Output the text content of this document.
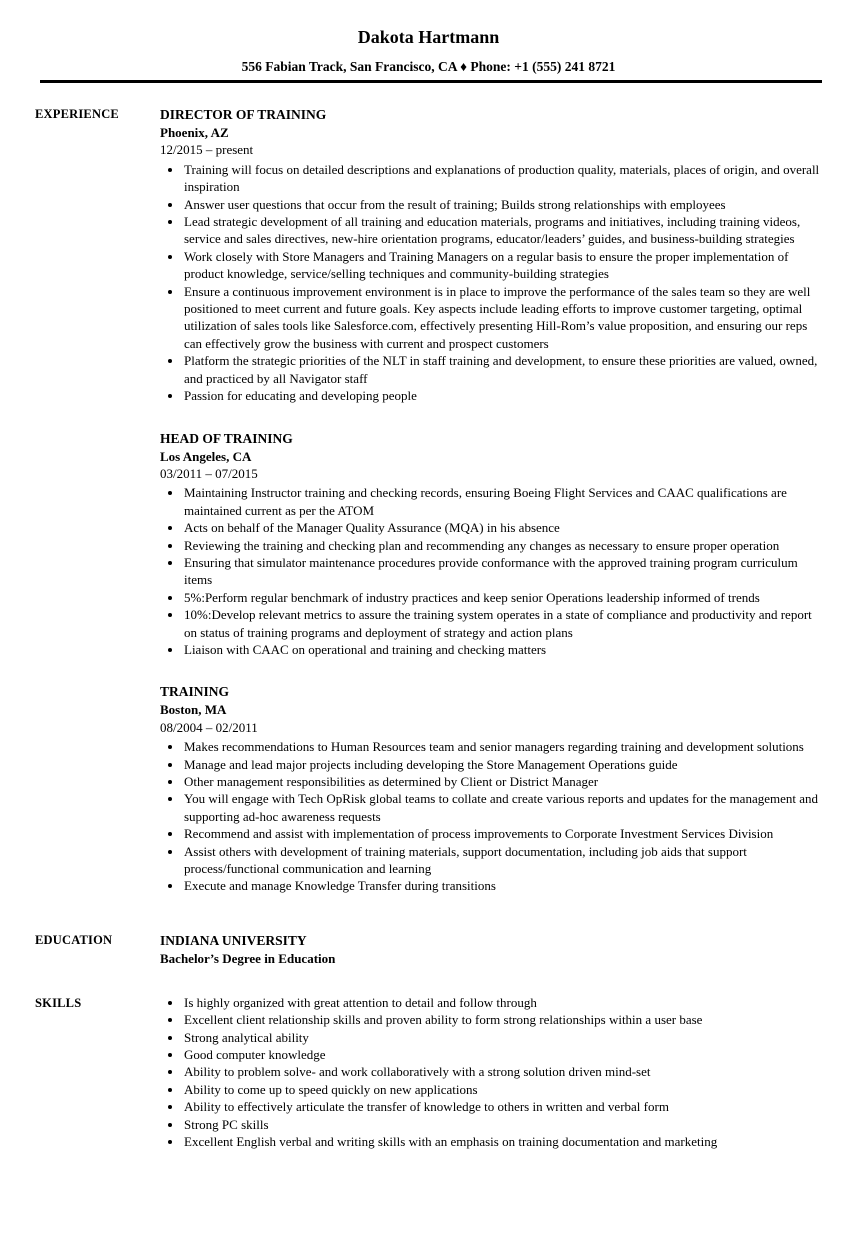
Dakota Hartmann

556 Fabian Track, San Francisco, CA ♦ Phone: +1 (555) 241 8721

EXPERIENCE	DIRECTOR OF TRAINING
Phoenix, AZ
12/2015 – present
• Training will focus on detailed descriptions and explanations of production quality, materials, places of origin, and overall inspiration
• Answer user questions that occur from the result of training; Builds strong relationships with employees
• Lead strategic development of all training and education materials, programs and initiatives, including training videos, service and sales directives, new-hire orientation programs, educator/leaders’ guides, and business-building strategies
• Work closely with Store Managers and Training Managers on a regular basis to ensure the proper implementation of product knowledge, service/selling techniques and community-building strategies
• Ensure a continuous improvement environment is in place to improve the performance of the sales team so they are well positioned to meet current and future goals. Key aspects include leading efforts to improve customer targeting, optimal utilization of sales tools like Salesforce.com, effectively presenting Hill-Rom’s value proposition, and ensuring our reps can effectively grow the business with current and prospect customers
• Platform the strategic priorities of the NLT in staff training and development, to ensure these priorities are valued, owned, and practiced by all Navigator staff
• Passion for educating and developing people
HEAD OF TRAINING
Los Angeles, CA
03/2011 – 07/2015
• Maintaining Instructor training and checking records, ensuring Boeing Flight Services and CAAC qualifications are maintained current as per the ATOM
• Acts on behalf of the Manager Quality Assurance (MQA) in his absence
• Reviewing the training and checking plan and recommending any changes as necessary to ensure proper operation
• Ensuring that simulator maintenance procedures provide conformance with the approved training program curriculum items
• 5%:Perform regular benchmark of industry practices and keep senior Operations leadership informed of trends
• 10%:Develop relevant metrics to assure the training system operates in a state of compliance and productivity and report on status of training programs and deployment of strategy and action plans
• Liaison with CAAC on operational and training and checking matters
TRAINING
Boston, MA
08/2004 – 02/2011
• Makes recommendations to Human Resources team and senior managers regarding training and development solutions
• Manage and lead major projects including developing the Store Management Operations guide
• Other management responsibilities as determined by Client or District Manager
• You will engage with Tech OpRisk global teams to collate and create various reports and updates for the management and supporting ad-hoc awareness requests
• Recommend and assist with implementation of process improvements to Corporate Investment Services Division
• Assist others with development of training materials, support documentation, including job aids that support process/functional communication and learning
• Execute and manage Knowledge Transfer during transitions
EDUCATION	INDIANA UNIVERSITY
Bachelor’s Degree in Education
SKILLS	• Is highly organized with great attention to detail and follow through
• Excellent client relationship skills and proven ability to form strong relationships within a user base
• Strong analytical ability
• Good computer knowledge
• Ability to problem solve- and work collaboratively with a strong solution driven mind-set
• Ability to come up to speed quickly on new applications
• Ability to effectively articulate the transfer of knowledge to others in written and verbal form
• Strong PC skills
• Excellent English verbal and writing skills with an emphasis on training documentation and marketing
